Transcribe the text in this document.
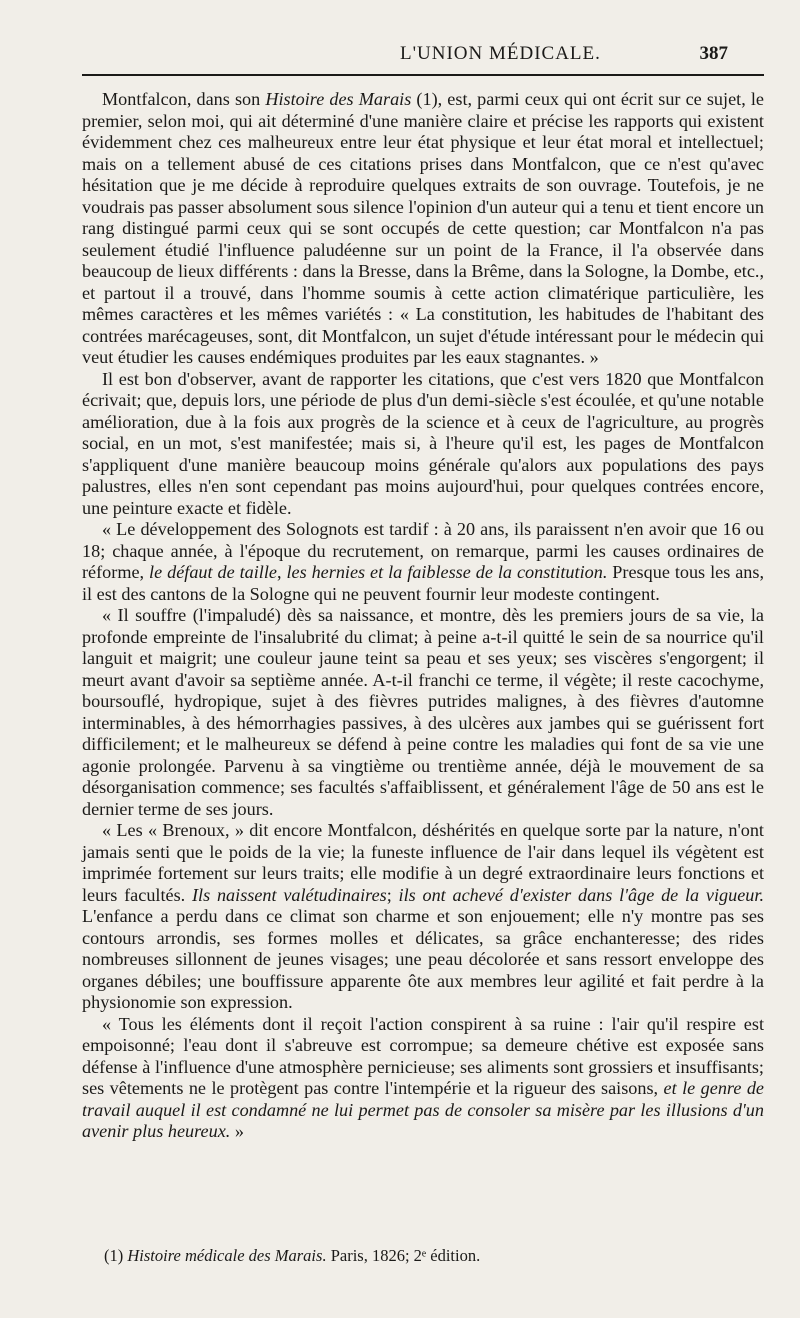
L'UNION MÉDICALE.	387

Montfalcon, dans son Histoire des Marais (1), est, parmi ceux qui ont écrit sur ce sujet, le premier, selon moi, qui ait déterminé d'une manière claire et précise les rapports qui existent évidemment chez ces malheureux entre leur état physique et leur état moral et intellectuel; mais on a tellement abusé de ces citations prises dans Montfalcon, que ce n'est qu'avec hésitation que je me décide à reproduire quelques extraits de son ouvrage. Toutefois, je ne voudrais pas passer absolument sous silence l'opinion d'un auteur qui a tenu et tient encore un rang distingué parmi ceux qui se sont occupés de cette question; car Montfalcon n'a pas seulement étudié l'influence paludéenne sur un point de la France, il l'a observée dans beaucoup de lieux différents : dans la Bresse, dans la Brême, dans la Sologne, la Dombe, etc., et partout il a trouvé, dans l'homme soumis à cette action climatérique particulière, les mêmes caractères et les mêmes variétés : « La constitution, les habitudes de l'habitant des contrées marécageuses, sont, dit Montfalcon, un sujet d'étude intéressant pour le médecin qui veut étudier les causes endémiques produites par les eaux stagnantes. »

Il est bon d'observer, avant de rapporter les citations, que c'est vers 1820 que Montfalcon écrivait; que, depuis lors, une période de plus d'un demi-siècle s'est écoulée, et qu'une notable amélioration, due à la fois aux progrès de la science et à ceux de l'agriculture, au progrès social, en un mot, s'est manifestée; mais si, à l'heure qu'il est, les pages de Montfalcon s'appliquent d'une manière beaucoup moins générale qu'alors aux populations des pays palustres, elles n'en sont cependant pas moins aujourd'hui, pour quelques contrées encore, une peinture exacte et fidèle.

« Le développement des Solognots est tardif : à 20 ans, ils paraissent n'en avoir que 16 ou 18; chaque année, à l'époque du recrutement, on remarque, parmi les causes ordinaires de réforme, le défaut de taille, les hernies et la faiblesse de la constitution. Presque tous les ans, il est des cantons de la Sologne qui ne peuvent fournir leur modeste contingent.

« Il souffre (l'impaludé) dès sa naissance, et montre, dès les premiers jours de sa vie, la profonde empreinte de l'insalubrité du climat; à peine a-t-il quitté le sein de sa nourrice qu'il languit et maigrit; une couleur jaune teint sa peau et ses yeux; ses viscères s'engorgent; il meurt avant d'avoir sa septième année. A-t-il franchi ce terme, il végète; il reste cacochyme, boursouflé, hydropique, sujet à des fièvres putrides malignes, à des fièvres d'automne interminables, à des hémorrhagies passives, à des ulcères aux jambes qui se guérissent fort difficilement; et le malheureux se défend à peine contre les maladies qui font de sa vie une agonie prolongée. Parvenu à sa vingtième ou trentième année, déjà le mouvement de sa désorganisation commence; ses facultés s'affaiblissent, et généralement l'âge de 50 ans est le dernier terme de ses jours.

« Les « Brenoux, » dit encore Montfalcon, déshérités en quelque sorte par la nature, n'ont jamais senti que le poids de la vie; la funeste influence de l'air dans lequel ils végètent est imprimée fortement sur leurs traits; elle modifie à un degré extraordinaire leurs fonctions et leurs facultés. Ils naissent valétudinaires; ils ont achevé d'exister dans l'âge de la vigueur. L'enfance a perdu dans ce climat son charme et son enjouement; elle n'y montre pas ses contours arrondis, ses formes molles et délicates, sa grâce enchanteresse; des rides nombreuses sillonnent de jeunes visages; une peau décolorée et sans ressort enveloppe des organes débiles; une bouffissure apparente ôte aux membres leur agilité et fait perdre à la physionomie son expression.

« Tous les éléments dont il reçoit l'action conspirent à sa ruine : l'air qu'il respire est empoisonné; l'eau dont il s'abreuve est corrompue; sa demeure chétive est exposée sans défense à l'influence d'une atmosphère pernicieuse; ses aliments sont grossiers et insuffisants; ses vêtements ne le protègent pas contre l'intempérie et la rigueur des saisons, et le genre de travail auquel il est condamné ne lui permet pas de consoler sa misère par les illusions d'un avenir plus heureux. »

(1) Histoire médicale des Marais. Paris, 1826; 2ᵉ édition.
